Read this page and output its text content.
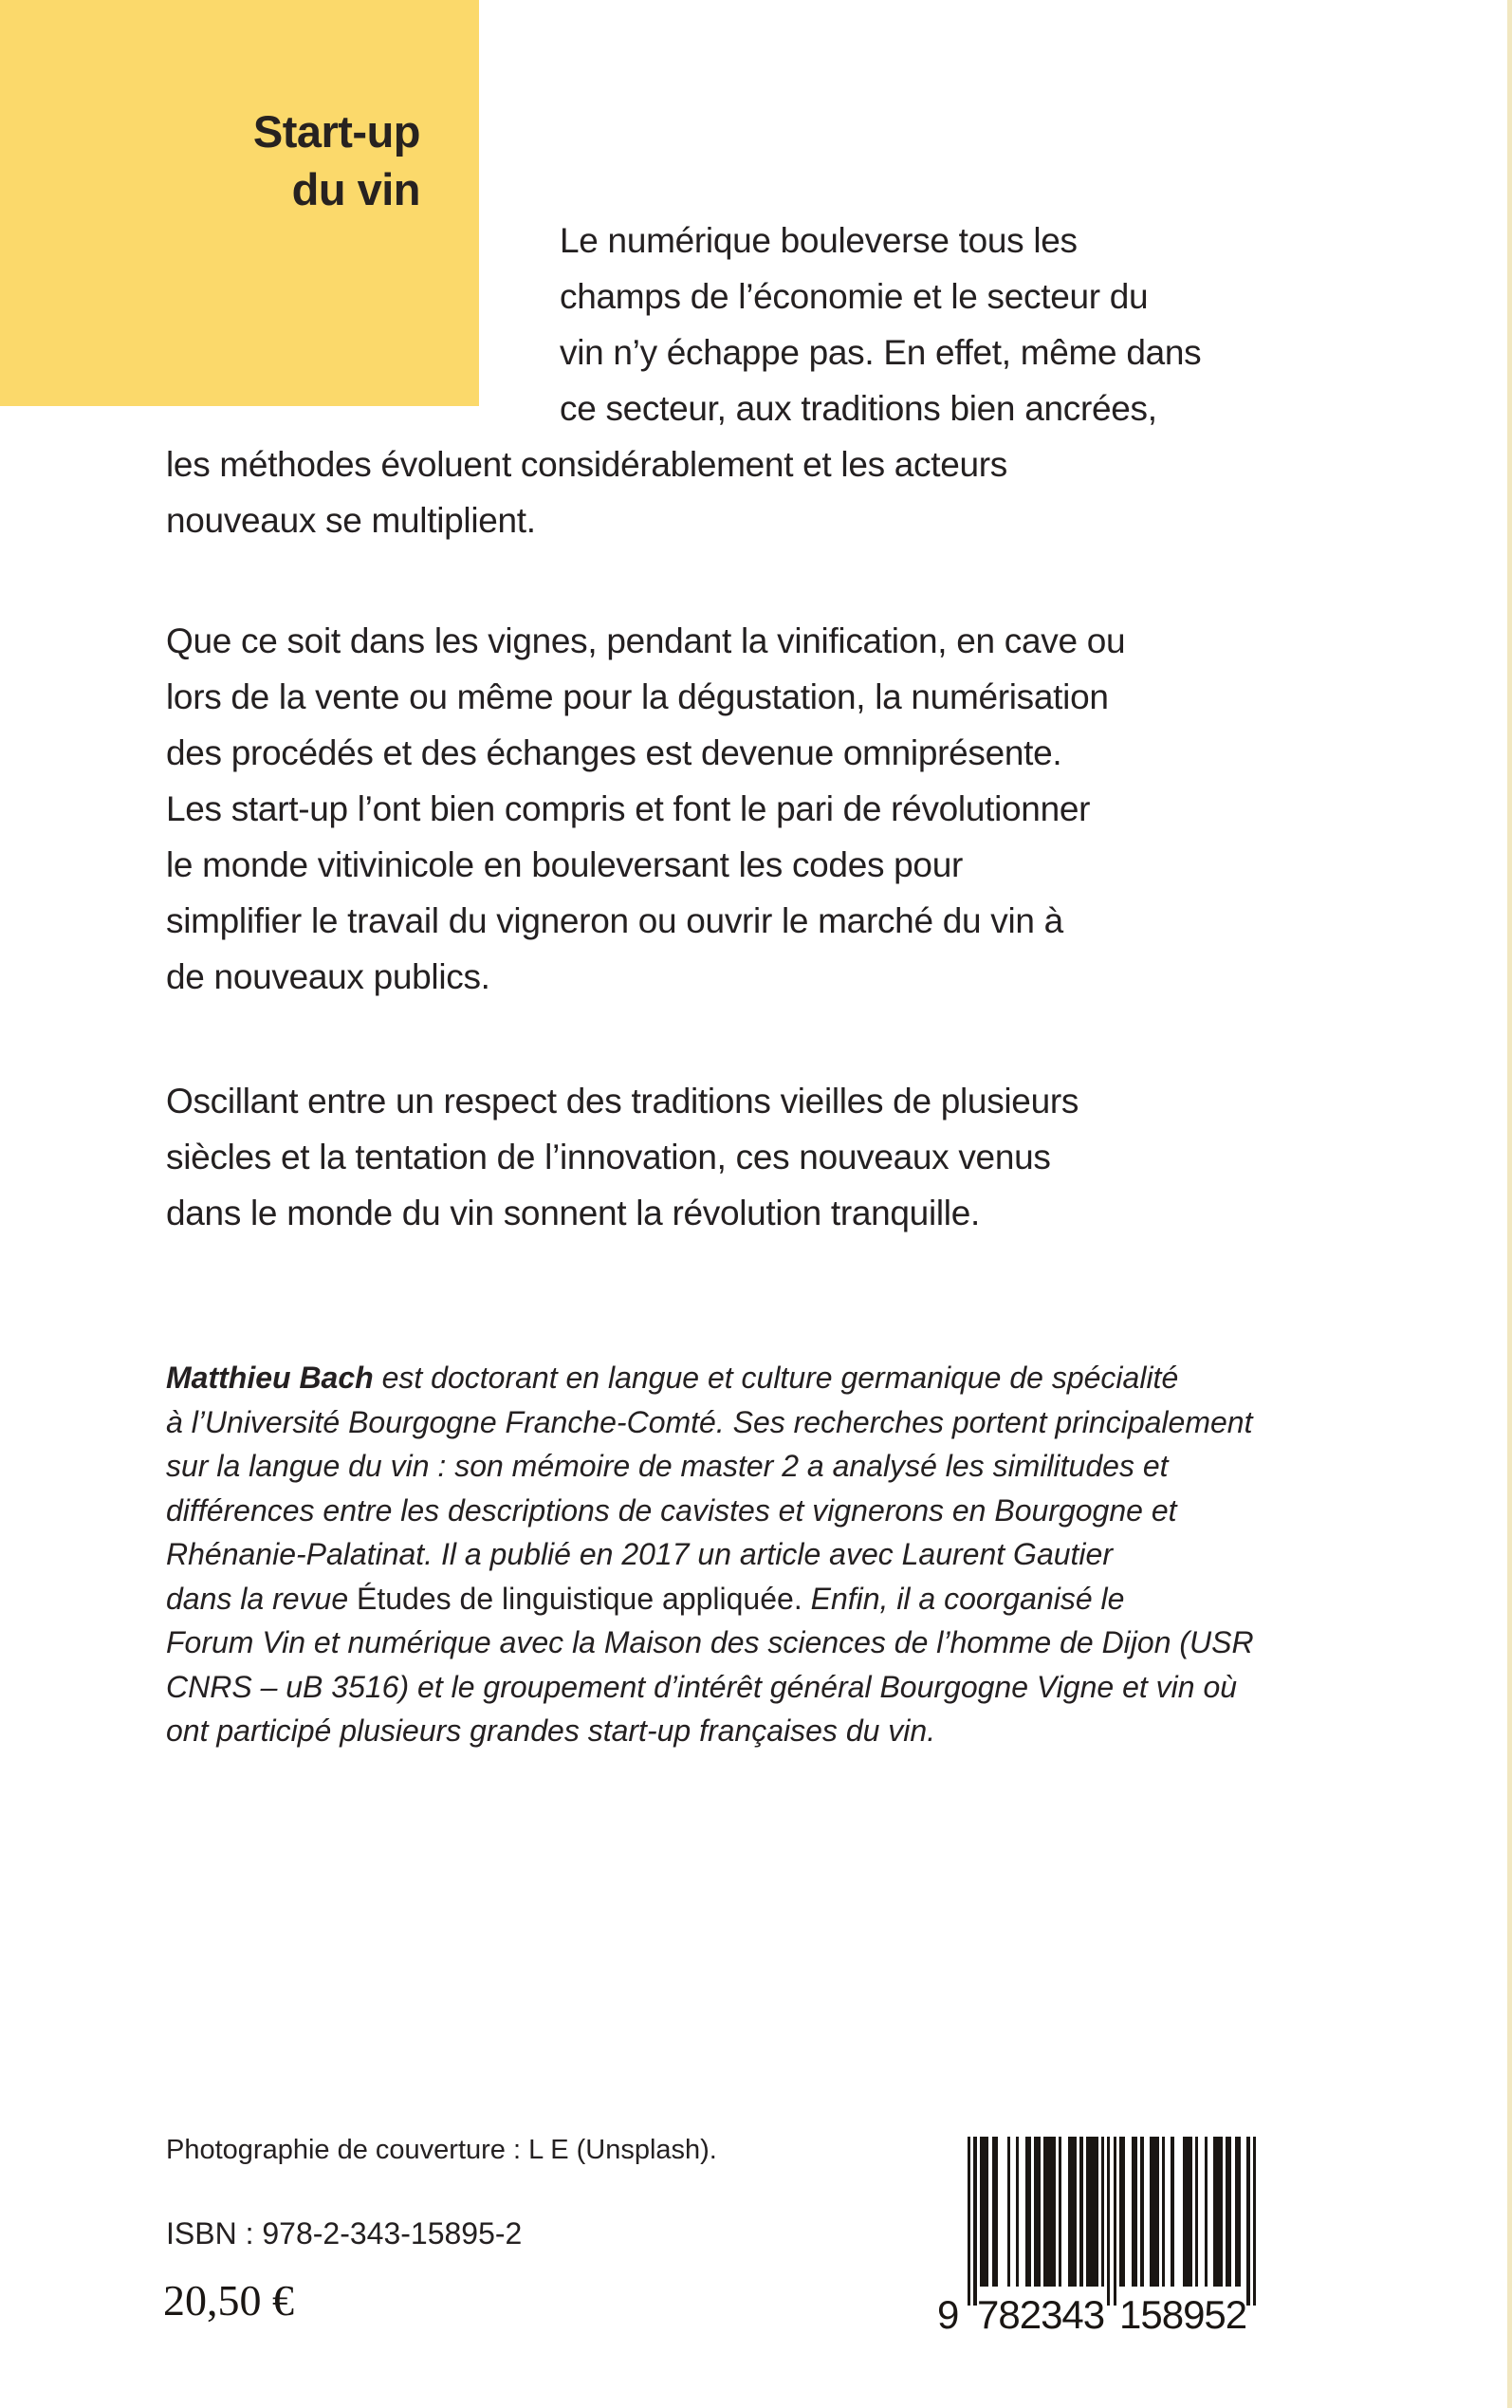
Start-up
du vin
Le numérique bouleverse tous les
champs de l’économie et le secteur du
vin n’y échappe pas. En effet, même dans
ce secteur, aux traditions bien ancrées,
les méthodes évoluent considérablement et les acteurs
nouveaux se multiplient.
Que ce soit dans les vignes, pendant la vinification, en cave ou
lors de la vente ou même pour la dégustation, la numérisation
des procédés et des échanges est devenue omniprésente.
Les start-up l’ont bien compris et font le pari de révolutionner
le monde vitivinicole en bouleversant les codes pour
simplifier le travail du vigneron ou ouvrir le marché du vin à
de nouveaux publics.
Oscillant entre un respect des traditions vieilles de plusieurs
siècles et la tentation de l’innovation, ces nouveaux venus
dans le monde du vin sonnent la révolution tranquille.
Matthieu Bach est doctorant en langue et culture germanique de spécialité
à l’Université Bourgogne Franche-Comté. Ses recherches portent principalement
sur la langue du vin : son mémoire de master 2 a analysé les similitudes et
différences entre les descriptions de cavistes et vignerons en Bourgogne et
Rhénanie-Palatinat. Il a publié en 2017 un article avec Laurent Gautier
dans la revue Études de linguistique appliquée. Enfin, il a coorganisé le
Forum Vin et numérique avec la Maison des sciences de l’homme de Dijon (USR
CNRS – uB 3516) et le groupement d’intérêt général Bourgogne Vigne et vin où
ont participé plusieurs grandes start-up françaises du vin.
Photographie de couverture : L E (Unsplash).
ISBN : 978-2-343-15895-2
20,50 €	9 782343 158952
